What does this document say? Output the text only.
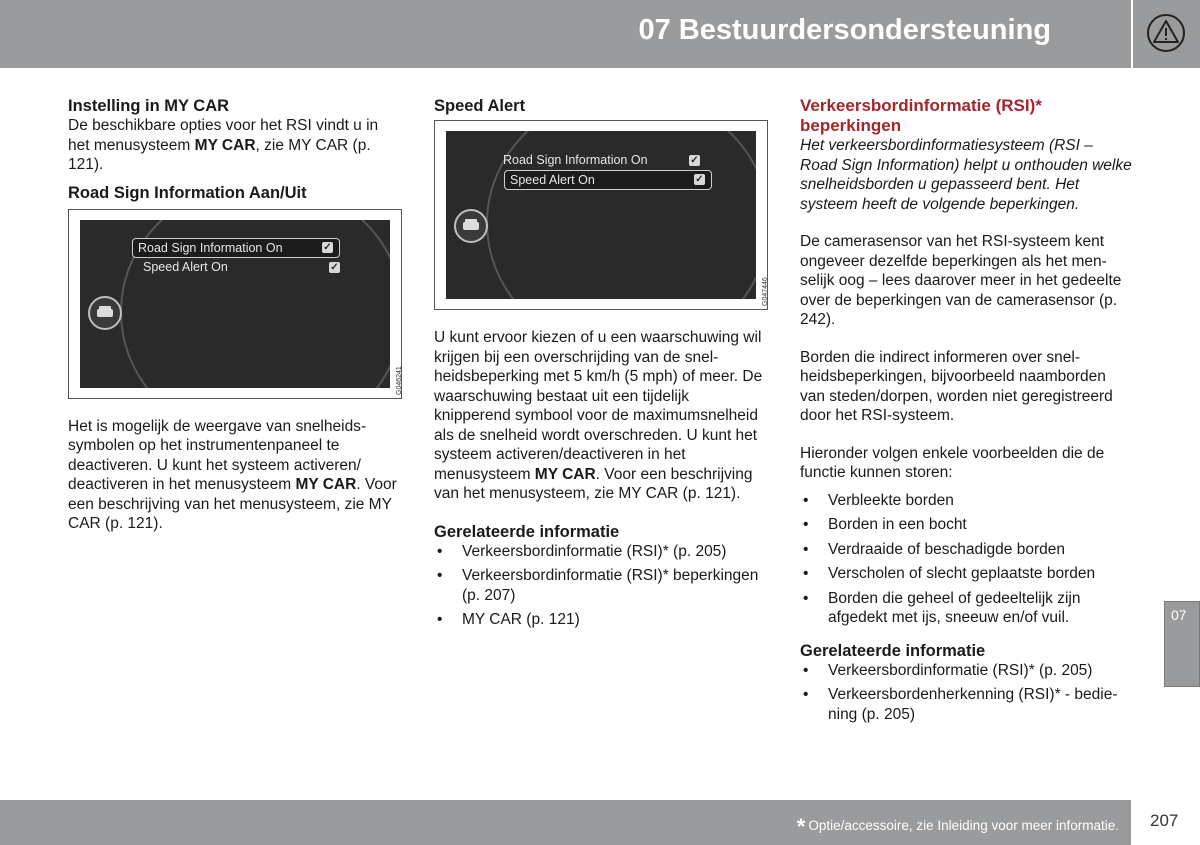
07 Bestuurdersondersteuning
Instelling in MY CAR

De beschikbare opties voor het RSI vindt u in het menusysteem MY CAR, zie MY CAR (p. 121).

Road Sign Information Aan/Uit
Road Sign Information On	✓
Speed Alert On	✓
G046241

Het is mogelijk de weergave van snelheidssymbolen op het instrumentenpaneel te deactiveren. U kunt het systeem activeren/ deactiveren in het menusysteem MY CAR. Voor een beschrijving van het menusysteem, zie MY CAR (p. 121).

Speed Alert
Road Sign Information On	✓
Speed Alert On	✓
G047446

U kunt ervoor kiezen of u een waarschuwing wil krijgen bij een overschrijding van de snelheidsbeperking met 5 km/h (5 mph) of meer. De waarschuwing bestaat uit een tijdelijk knipperend symbool voor de maximumsnelheid als de snelheid wordt overschreden. U kunt het systeem activeren/deactiveren in het menusysteem MY CAR. Voor een beschrijving van het menusysteem, zie MY CAR (p. 121).

Gerelateerde informatie
• Verkeersbordinformatie (RSI)* (p. 205)
• Verkeersbordinformatie (RSI)* beperkingen (p. 207)
• MY CAR (p. 121)
Verkeersbordinformatie (RSI)* beperkingen

Het verkeersbordinformatiesysteem (RSI – Road Sign Information) helpt u onthouden welke snelheidsborden u gepasseerd bent. Het systeem heeft de volgende beperkingen.

De camerasensor van het RSI-systeem kent ongeveer dezelfde beperkingen als het menselijk oog – lees daarover meer in het gedeelte over de beperkingen van de camerasensor (p. 242).

Borden die indirect informeren over snelheidsbeperkingen, bijvoorbeeld naamborden van steden/dorpen, worden niet geregistreerd door het RSI-systeem.

Hieronder volgen enkele voorbeelden die de functie kunnen storen:

• Verbleekte borden
• Borden in een bocht
• Verdraaide of beschadigde borden
• Verscholen of slecht geplaatste borden
• Borden die geheel of gedeeltelijk zijn afgedekt met ijs, sneeuw en/of vuil.
Gerelateerde informatie
• Verkeersbordinformatie (RSI)* (p. 205)
• Verkeersbordenherkenning (RSI)* - bediening (p. 205)
07
* Optie/accessoire, zie Inleiding voor meer informatie. 207
